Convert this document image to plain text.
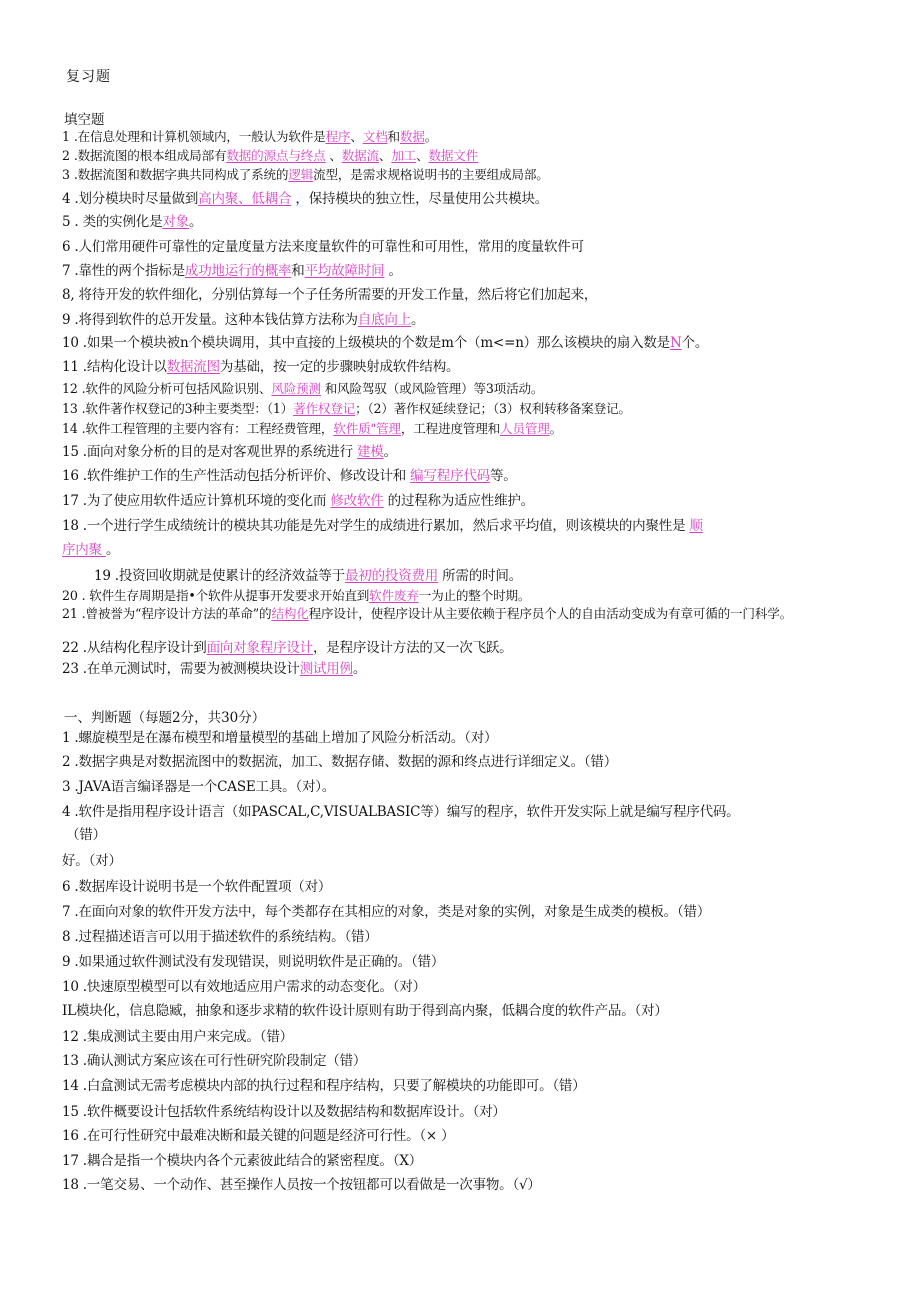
复习题
填空题
1 .在信息处理和计算机领域内，一般认为软件是程序、文档和数据。
2 .数据流图的根本组成局部有数据的源点与终点 、数据流、加工、数据文件
3 .数据流图和数据字典共同构成了系统的逻辑流型，是需求规格说明书的主要组成局部。
4 .划分模块时尽量做到高内聚、低耦合 ，保持模块的独立性，尽量使用公共模块。
5 . 类的实例化是对象。
6 .人们常用硬件可靠性的定量度量方法来度量软件的可靠性和可用性，常用的度量软件可
7 .靠性的两个指标是成功地运行的概率和平均故障时间 。
8, 将待开发的软件细化，分别估算每一个子任务所需要的开发工作量，然后将它们加起来，
9 .将得到软件的总开发量。这种本钱估算方法称为自底向上。
10 .如果一个模块被n个模块调用，其中直接的上级模块的个数是m个（m<=n）那么该模块的扇入数是N个。
11 .结构化设计以数据流图为基础，按一定的步骤映射成软件结构。
12 .软件的风险分析可包括风险识别、风险预测 和风险驾驭（或风险管理）等3项活动。
13 .软件著作权登记的3种主要类型：（1）著作权登记；（2）著作权延续登记；（3）权利转移备案登记。
14 .软件工程管理的主要内容有：工程经费管理，软件质"管理，工程进度管理和人员管理。
15 .面向对象分析的目的是对客观世界的系统进行 建模。
16 .软件维护工作的生产性活动包括分析评价、修改设计和 编写程序代码等。
17 .为了使应用软件适应计算机环境的变化而 修改软件 的过程称为适应性维护。
18 .一个进行学生成绩统计的模块其功能是先对学生的成绩进行累加，然后求平均值，则该模块的内聚性是 顺
序内聚 。
19 .投资回收期就是使累计的经济效益等于最初的投资费用 所需的时间。
20 . 软件生存周期是指•个软件从提事开发要求开始直到软件废弃一为止的整个时期。
21 .曾被誉为“程序设计方法的革命”的结构化程序设计，使程序设计从主要依赖于程序员个人的自由活动变成为有章可循的一门科学。
22 .从结构化程序设计到面向对象程序设计，是程序设计方法的又一次飞跃。
23 .在单元测试时，需要为被测模块设计测试用例。
一、判断题（每题2分，共30分）
1 .螺旋模型是在瀑布模型和增量模型的基础上增加了风险分析活动。（对）
2 .数据字典是对数据流图中的数据流，加工、数据存储、数据的源和终点进行详细定义。（错）
3 .JAVA语言编译器是一个CASE工具。（对）。
4 .软件是指用程序设计语言（如PASCAL,C,VISUALBASIC等）编写的程序，软件开发实际上就是编写程序代码。
（错）
好。（对）
6 .数据库设计说明书是一个软件配置项（对）
7 .在面向对象的软件开发方法中，每个类都存在其相应的对象，类是对象的实例，对象是生成类的模板。（错）
8 .过程描述语言可以用于描述软件的系统结构。（错）
9 .如果通过软件测试没有发现错误，则说明软件是正确的。（错）
10 .快速原型模型可以有效地适应用户需求的动态变化。（对）
IL模块化，信息隐臧，抽象和逐步求精的软件设计原则有助于得到高内聚，低耦合度的软件产品。（对）
12 .集成测试主要由用户来完成。（错）
13 .确认测试方案应该在可行性研究阶段制定（错）
14 .白盒测试无需考虑模块内部的执行过程和程序结构，只要了解模块的功能即可。（错）
15 .软件概要设计包括软件系统结构设计以及数据结构和数据库设计。（对）
16 .在可行性研究中最难决断和最关键的问题是经济可行性。（× ）
17 .耦合是指一个模块内各个元素彼此结合的紧密程度。（X）
18 .一笔交易、一个动作、甚至操作人员按一个按钮都可以看做是一次事物。（√）
